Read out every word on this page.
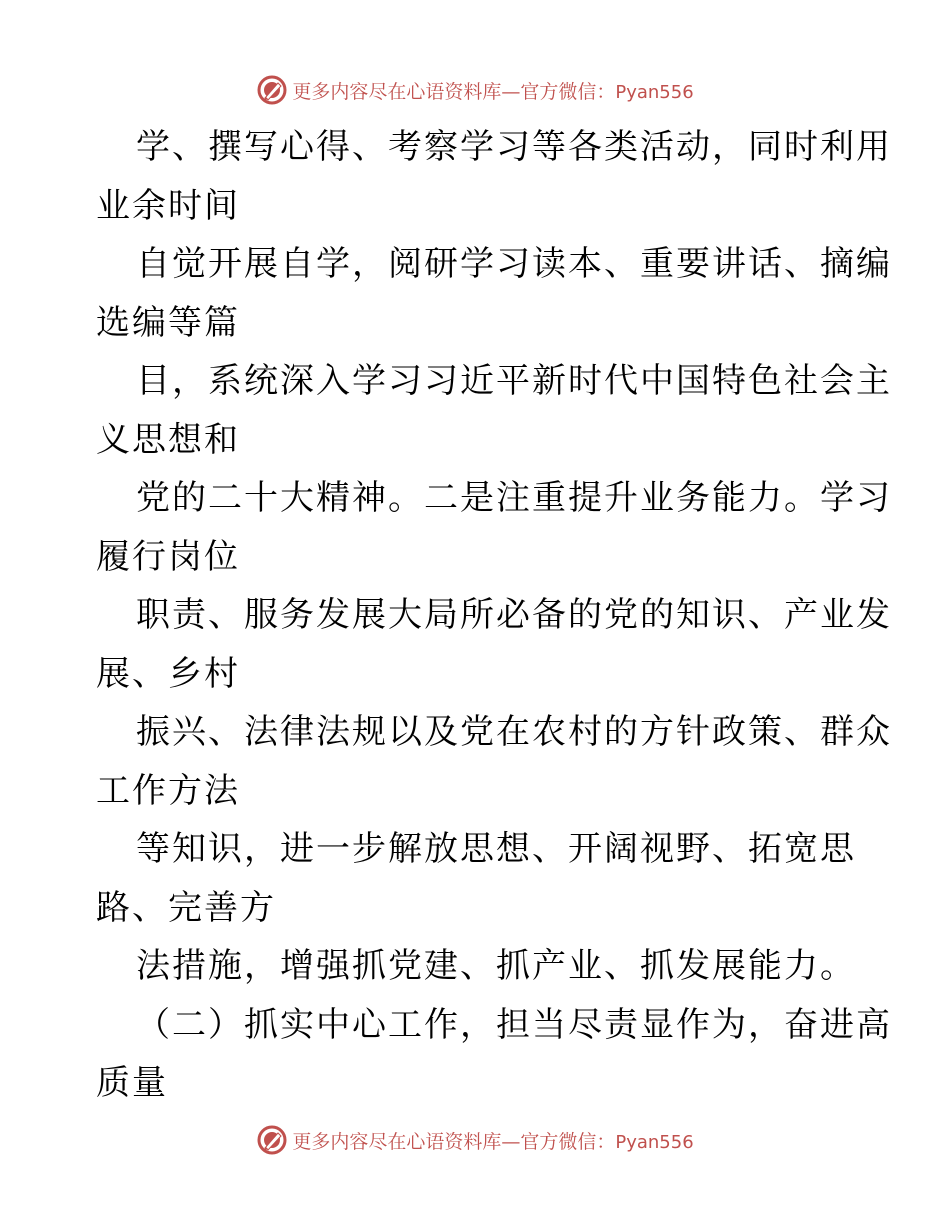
更多内容尽在心语资料库—官方微信：Pyan556
学、撰写心得、考察学习等各类活动，同时利用
业余时间
自觉开展自学，阅研学习读本、重要讲话、摘编
选编等篇
目，系统深入学习习近平新时代中国特色社会主
义思想和
党的二十大精神。二是注重提升业务能力。学习
履行岗位
职责、服务发展大局所必备的党的知识、产业发
展、乡村
振兴、法律法规以及党在农村的方针政策、群众
工作方法
等知识，进一步解放思想、开阔视野、拓宽思
路、完善方
法措施，增强抓党建、抓产业、抓发展能力。
（二）抓实中心工作，担当尽责显作为，奋进高
质量
更多内容尽在心语资料库—官方微信：Pyan556
